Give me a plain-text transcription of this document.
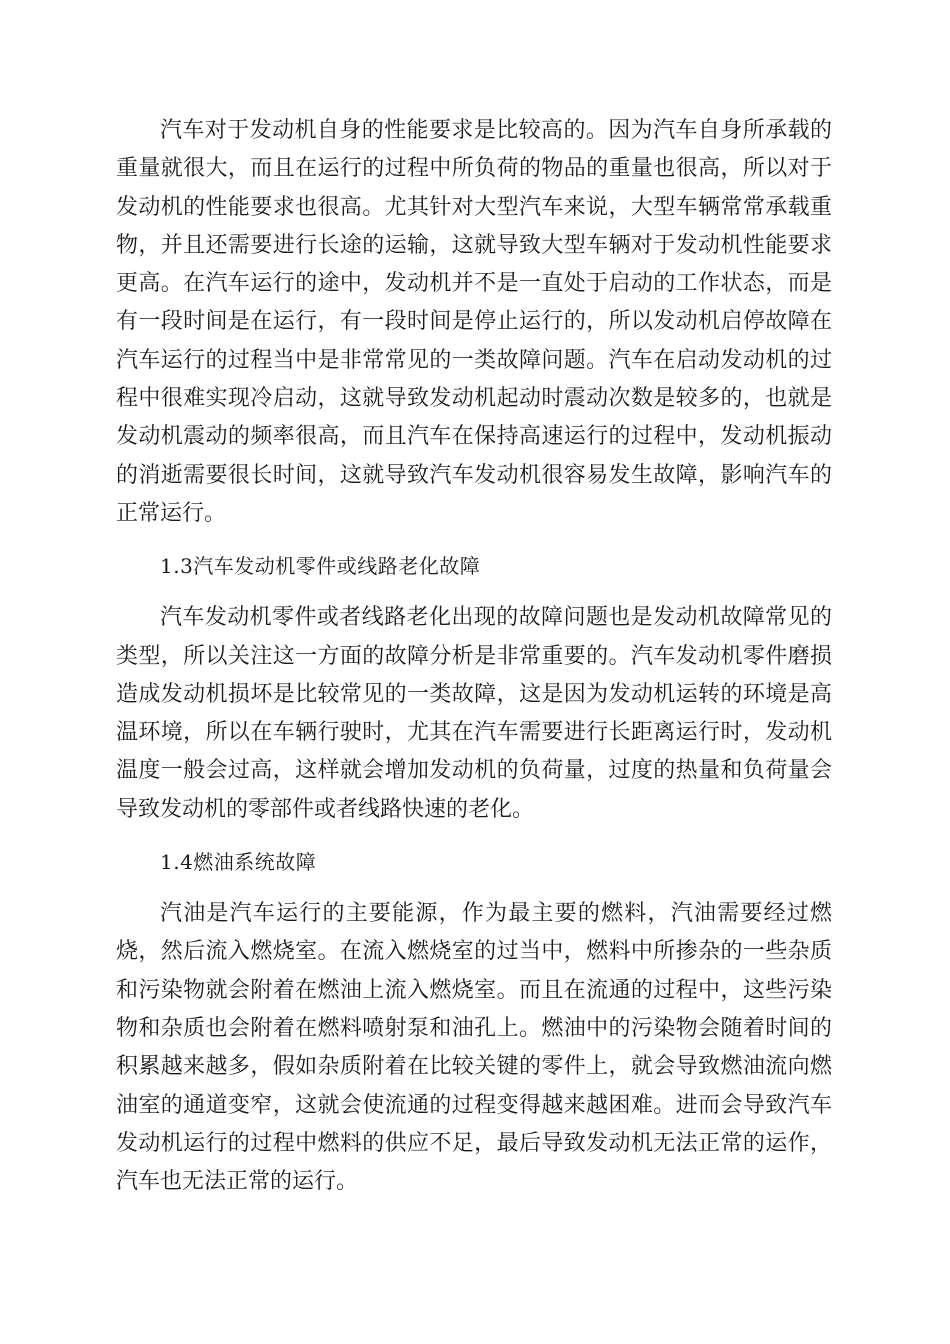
汽车对于发动机自身的性能要求是比较高的。因为汽车自身所承载的重量就很大，而且在运行的过程中所负荷的物品的重量也很高，所以对于发动机的性能要求也很高。尤其针对大型汽车来说，大型车辆常常承载重物，并且还需要进行长途的运输，这就导致大型车辆对于发动机性能要求更高。在汽车运行的途中，发动机并不是一直处于启动的工作状态，而是有一段时间是在运行，有一段时间是停止运行的，所以发动机启停故障在汽车运行的过程当中是非常常见的一类故障问题。汽车在启动发动机的过程中很难实现冷启动，这就导致发动机起动时震动次数是较多的，也就是发动机震动的频率很高，而且汽车在保持高速运行的过程中，发动机振动的消逝需要很长时间，这就导致汽车发动机很容易发生故障，影响汽车的正常运行。

1.3汽车发动机零件或线路老化故障

汽车发动机零件或者线路老化出现的故障问题也是发动机故障常见的类型，所以关注这一方面的故障分析是非常重要的。汽车发动机零件磨损造成发动机损坏是比较常见的一类故障，这是因为发动机运转的环境是高温环境，所以在车辆行驶时，尤其在汽车需要进行长距离运行时，发动机温度一般会过高，这样就会增加发动机的负荷量，过度的热量和负荷量会导致发动机的零部件或者线路快速的老化。

1.4燃油系统故障

汽油是汽车运行的主要能源，作为最主要的燃料，汽油需要经过燃烧，然后流入燃烧室。在流入燃烧室的过当中，燃料中所掺杂的一些杂质和污染物就会附着在燃油上流入燃烧室。而且在流通的过程中，这些污染物和杂质也会附着在燃料喷射泵和油孔上。燃油中的污染物会随着时间的积累越来越多，假如杂质附着在比较关键的零件上，就会导致燃油流向燃油室的通道变窄，这就会使流通的过程变得越来越困难。进而会导致汽车发动机运行的过程中燃料的供应不足，最后导致发动机无法正常的运作，汽车也无法正常的运行。
